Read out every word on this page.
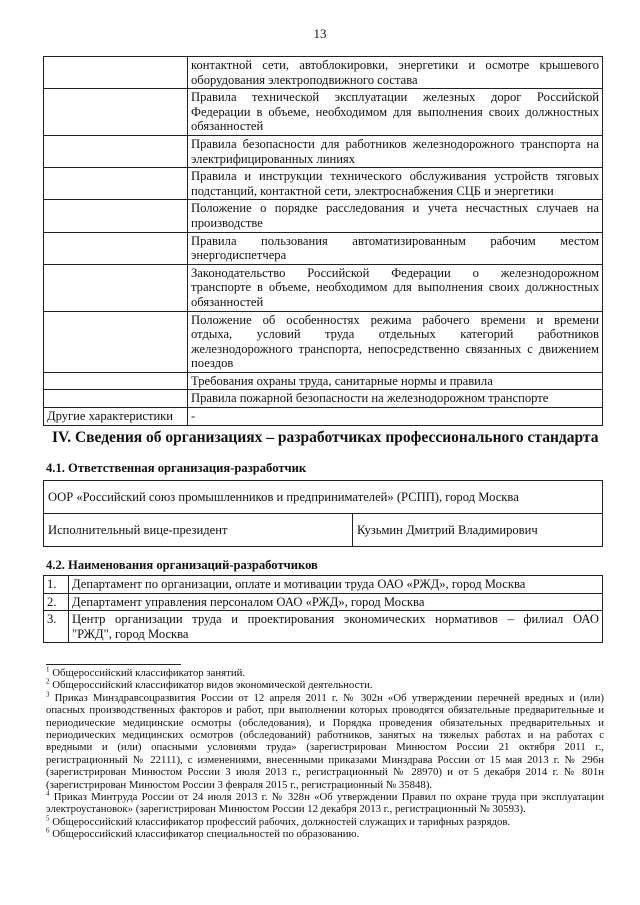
13

	контактной сети, автоблокировки, энергетики и осмотре крышевого
оборудования электроподвижного состава

	Правила технической эксплуатации железных дорог Российской
Федерации в объеме, необходимом для выполнения своих должностных
обязанностей

	Правила безопасности для работников железнодорожного транспорта на
электрифицированных линиях

	Правила и инструкции технического обслуживания устройств тяговых
подстанций, контактной сети, электроснабжения СЦБ и энергетики

	Положение о порядке расследования и учета несчастных случаев на
производстве

	Правила пользования автоматизированным рабочим местом
энергодиспетчера

	Законодательство Российской Федерации о железнодорожном
транспорте в объеме, необходимом для выполнения своих должностных
обязанностей

	Положение об особенностях режима рабочего времени и времени
отдыха, условий труда отдельных категорий работников
железнодорожного транспорта, непосредственно связанных с движением
поездов

	Требования охраны труда, санитарные нормы и правила

	Правила пожарной безопасности на железнодорожном транспорте

Другие характеристики	-
IV. Сведения об организациях – разработчиках профессионального стандарта
4.1. Ответственная организация-разработчик
ООР «Российский союз промышленников и предпринимателей» (РСПП), город Москва
Исполнительный вице-президент	Кузьмин Дмитрий Владимирович
4.2. Наименования организаций-разработчиков
1.	Департамент по организации, оплате и мотивации труда ОАО «РЖД», город Москва

2.	Департамент управления персоналом ОАО «РЖД», город Москва

3.	Центр организации труда и проектирования экономических нормативов – филиал ОАО
"РЖД", город Москва

$^1$ Общероссийский классификатор занятий.

$^2$ Общероссийский классификатор видов экономической деятельности.

$^3$ Приказ Минздравсоцразвития России от 12 апреля 2011 г. № 302н «Об утверждении перечней вредных и (или) опасных производственных факторов и работ, при выполнении которых проводятся обязательные предварительные и периодические медицинские осмотры (обследования), и Порядка проведения обязательных предварительных и периодических медицинских осмотров (обследований) работников, занятых на тяжелых работах и на работах с вредными и (или) опасными условиями труда» (зарегистрирован Минюстом России 21 октября 2011 г., регистрационный № 22111), с изменениями, внесенными приказами Минздрава России от 15 мая 2013 г. № 296н (зарегистрирован Минюстом России 3 июля 2013 г., регистрационный № 28970) и от 5 декабря 2014 г. № 801н (зарегистрирован Минюстом России 3 февраля 2015 г., регистрационный № 35848).

$^4$ Приказ Минтруда России от 24 июля 2013 г. № 328н «Об утверждении Правил по охране труда при эксплуатации электроустановок» (зарегистрирован Минюстом России 12 декабря 2013 г., регистрационный № 30593).

$^5$ Общероссийский классификатор профессий рабочих, должностей служащих и тарифных разрядов.

$^6$ Общероссийский классификатор специальностей по образованию.
